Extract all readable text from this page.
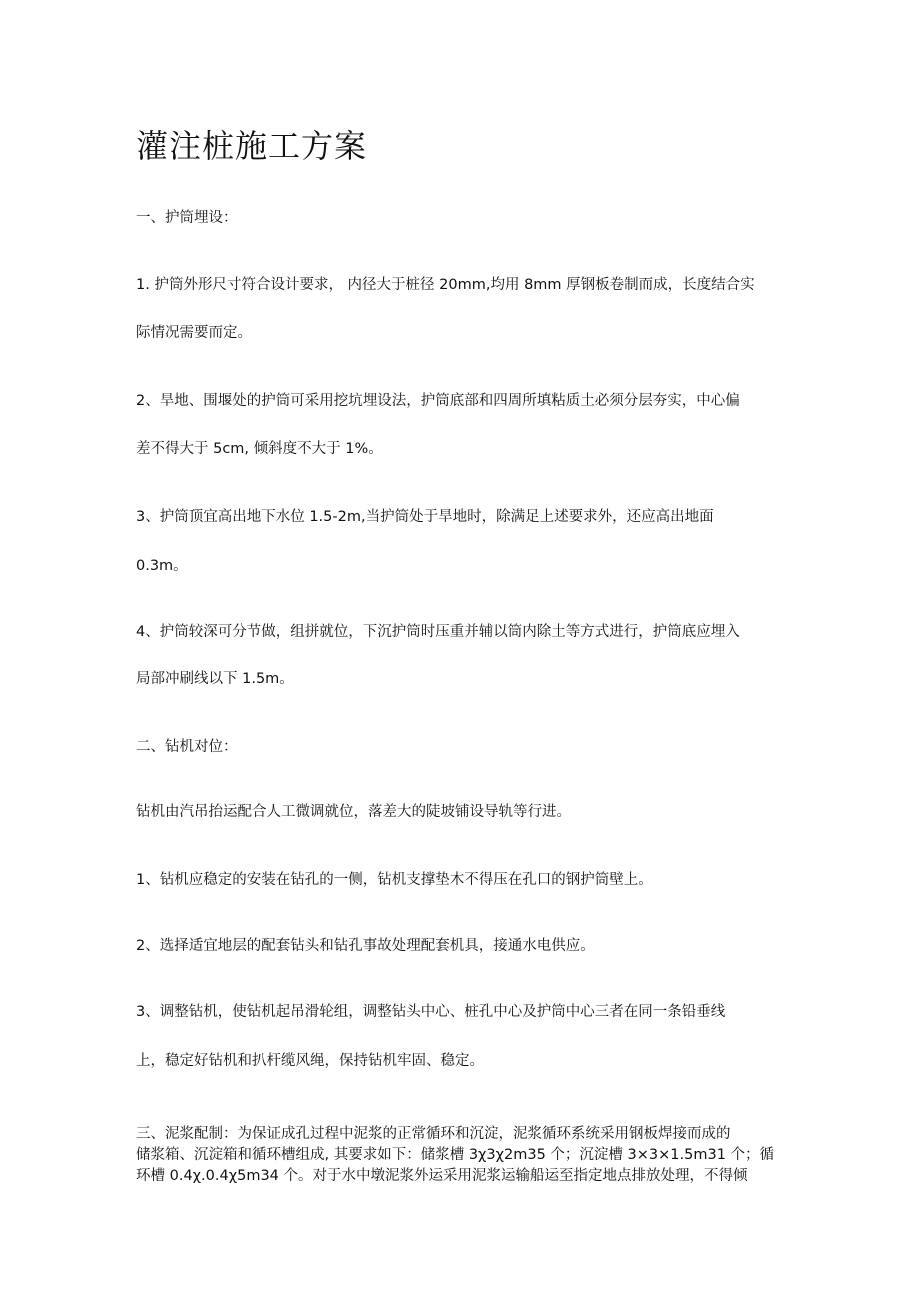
灌注桩施工方案

一、护筒埋设：

1. 护筒外形尺寸符合设计要求， 内径大于桩径 20mm,均用 8mm 厚钢板卷制而成，长度结合实

际情况需要而定。

2、旱地、围堰处的护筒可采用挖坑埋设法，护筒底部和四周所填粘质土必须分层夯实，中心偏

差不得大于 5cm, 倾斜度不大于 1%。

3、护筒顶宜高出地下水位 1.5-2m,当护筒处于旱地时，除满足上述要求外，还应高出地面

0.3m。

4、护筒较深可分节做，组拼就位，下沉护筒时压重并辅以筒内除土等方式进行，护筒底应埋入

局部冲刷线以下 1.5m。

二、钻机对位：

钻机由汽吊抬运配合人工微调就位，落差大的陡坡铺设导轨等行进。

1、钻机应稳定的安装在钻孔的一侧，钻机支撑垫木不得压在孔口的钢护筒壁上。

2、选择适宜地层的配套钻头和钻孔事故处理配套机具，接通水电供应。

3、调整钻机，使钻机起吊滑轮组，调整钻头中心、桩孔中心及护筒中心三者在同一条铅垂线

上，稳定好钻机和扒杆缆风绳，保持钻机牢固、稳定。

三、泥浆配制：为保证成孔过程中泥浆的正常循环和沉淀，泥浆循环系统采用钢板焊接而成的
储浆箱、沉淀箱和循环槽组成, 其要求如下：储浆槽 3χ3χ2m35 个；沉淀槽 3×3×1.5m31 个；循
环槽 0.4χ.0.4χ5m34 个。对于水中墩泥浆外运采用泥浆运输船运至指定地点排放处理，不得倾
